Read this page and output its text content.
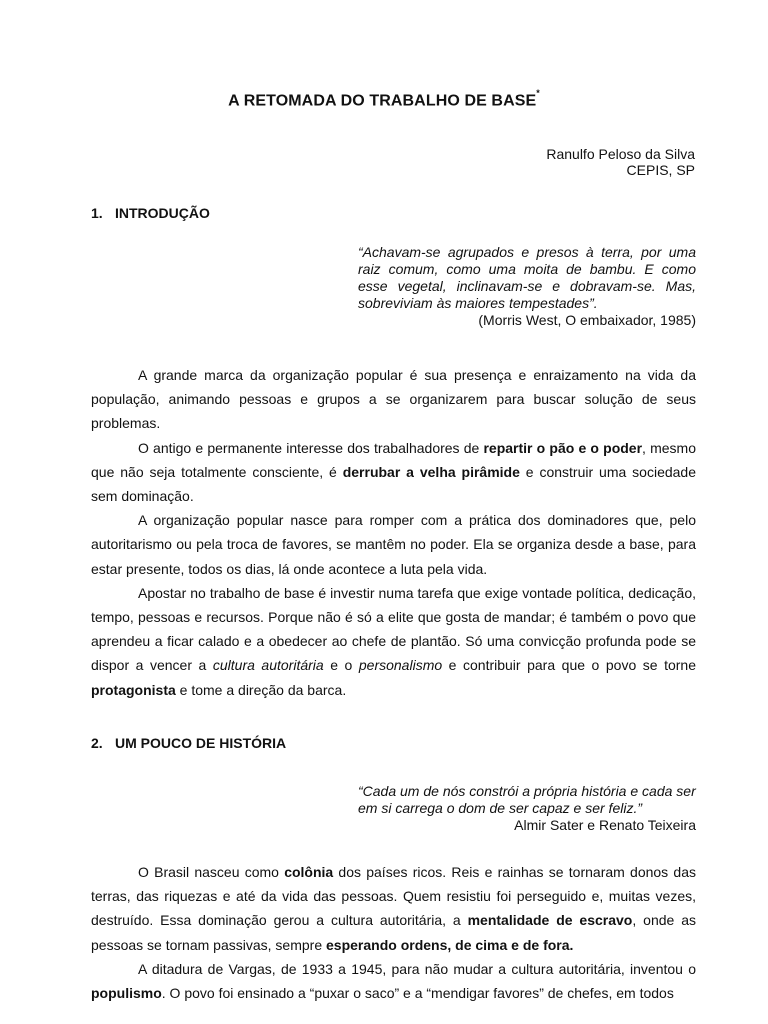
A RETOMADA DO TRABALHO DE BASE*
Ranulfo Peloso da Silva
CEPIS, SP
1. INTRODUÇÃO
“Achavam-se agrupados e presos à terra, por uma raiz comum, como uma moita de bambu. E como esse vegetal, inclinavam-se e dobravam-se. Mas, sobreviviam às maiores tempestades”.
(Morris West, O embaixador, 1985)

A grande marca da organização popular é sua presença e enraizamento na vida da população, animando pessoas e grupos a se organizarem para buscar solução de seus problemas.

O antigo e permanente interesse dos trabalhadores de repartir o pão e o poder, mesmo que não seja totalmente consciente, é derrubar a velha pirâmide e construir uma sociedade sem dominação.

A organização popular nasce para romper com a prática dos dominadores que, pelo autoritarismo ou pela troca de favores, se mantêm no poder. Ela se organiza desde a base, para estar presente, todos os dias, lá onde acontece a luta pela vida.

Apostar no trabalho de base é investir numa tarefa que exige vontade política, dedicação, tempo, pessoas e recursos. Porque não é só a elite que gosta de mandar; é também o povo que aprendeu a ficar calado e a obedecer ao chefe de plantão. Só uma convicção profunda pode se dispor a vencer a cultura autoritária e o personalismo e contribuir para que o povo se torne protagonista e tome a direção da barca.

2. UM POUCO DE HISTÓRIA
“Cada um de nós constrói a própria história e cada ser em si carrega o dom de ser capaz e ser feliz.”
Almir Sater e Renato Teixeira

O Brasil nasceu como colônia dos países ricos. Reis e rainhas se tornaram donos das terras, das riquezas e até da vida das pessoas. Quem resistiu foi perseguido e, muitas vezes, destruído. Essa dominação gerou a cultura autoritária, a mentalidade de escravo, onde as pessoas se tornam passivas, sempre esperando ordens, de cima e de fora.

A ditadura de Vargas, de 1933 a 1945, para não mudar a cultura autoritária, inventou o populismo. O povo foi ensinado a “puxar o saco” e a “mendigar favores” de chefes, em todos
